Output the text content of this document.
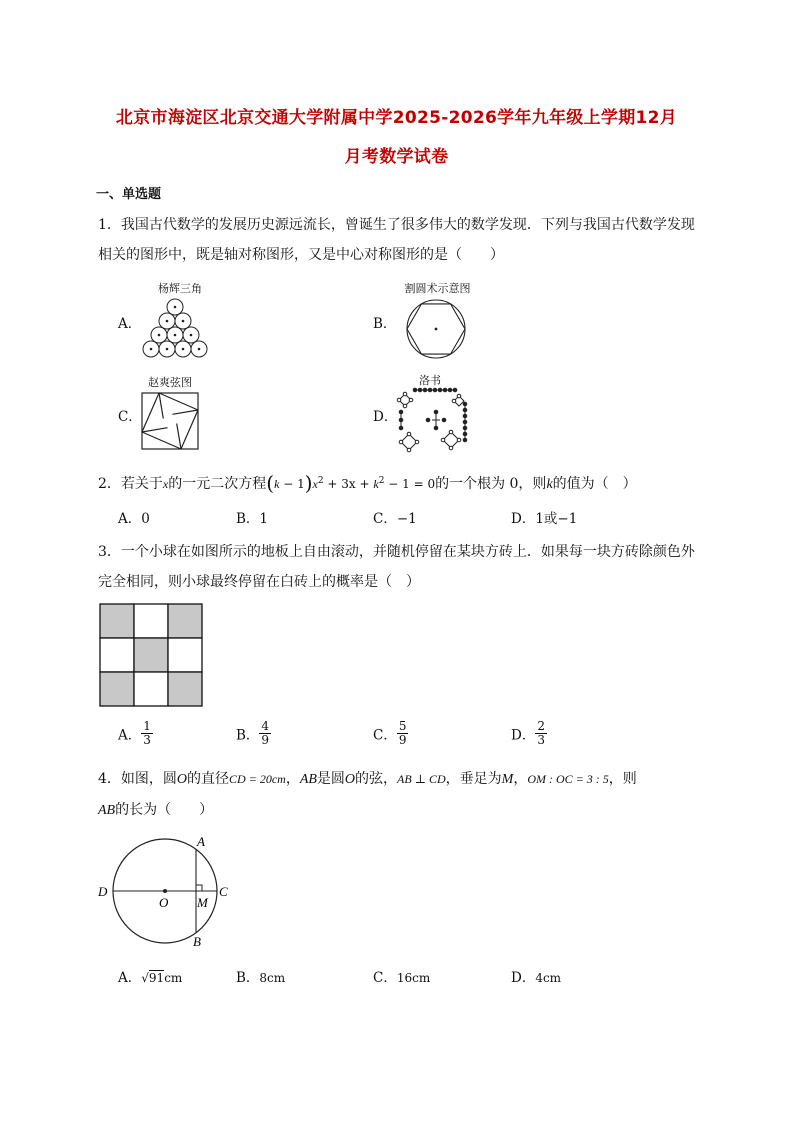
北京市海淀区北京交通大学附属中学2025-2026学年九年级上学期12月
月考数学试卷
一、单选题
1．我国古代数学的发展历史源远流长，曾诞生了很多伟大的数学发现．下列与我国古代数学发现
相关的图形中，既是轴对称图形，又是中心对称图形的是（　　）
A．
杨辉三角
B．
割圆术示意图
C．
赵爽弦图
D．
洛书
2．若关于x的一元二次方程$(k - 1)x^2 + 3x + k^2 - 1 = 0$的一个根为 0，则k的值为（　）
A．0	B．1	C．−1	D．1或−1
3．一个小球在如图所示的地板上自由滚动，并随机停留在某块方砖上．如果每一块方砖除颜色外
完全相同，则小球最终停留在白砖上的概率是（　）
A． $\frac{1}{3}$	B． $\frac{4}{9}$	C． $\frac{5}{9}$	D． $\frac{2}{3}$
4．如图，圆O的直径CD = 20cm，AB是圆O的弦，AB ⊥ CD，垂足为M，OM : OC = 3 : 5，则
AB的长为（　　）
A
B
C
D
O M
A．√91cm	B．8cm	C．16cm	D．4cm
